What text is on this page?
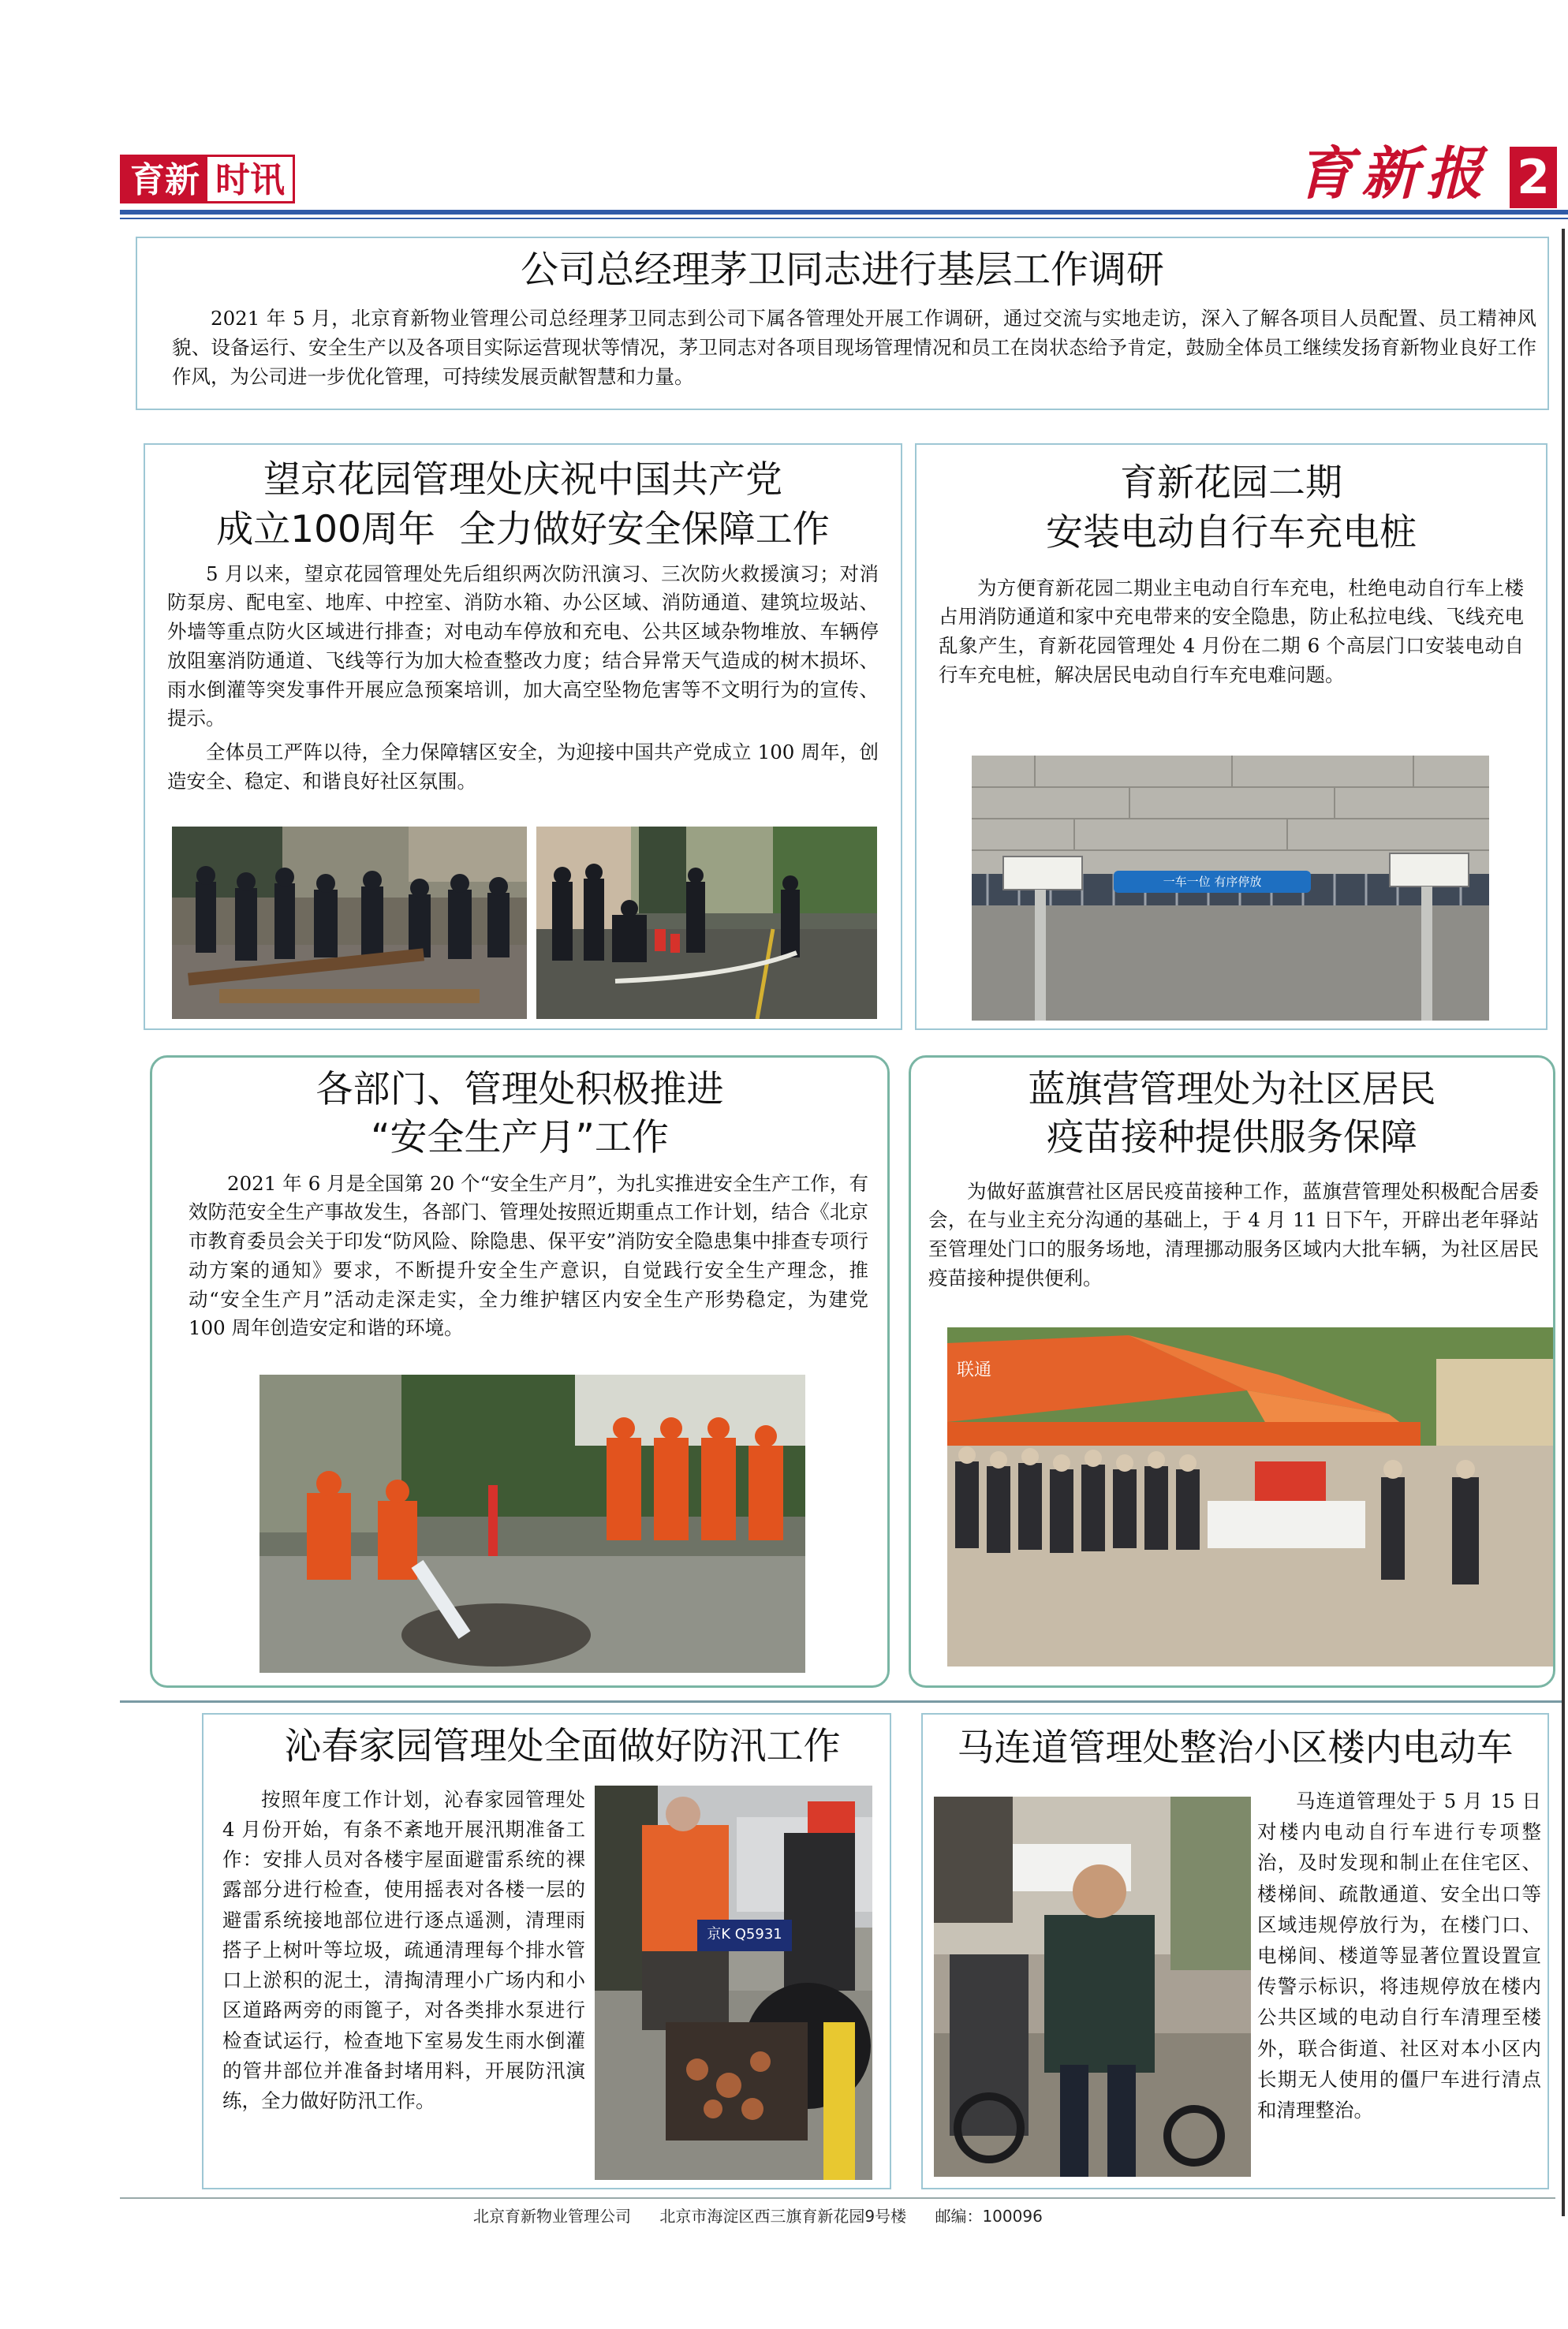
育新 时讯	育新报 2
公司总经理茅卫同志进行基层工作调研

2021 年 5 月，北京育新物业管理公司总经理茅卫同志到公司下属各管理处开展工作调研，通过交流与实地走访，深入了解各项目人员配置、员工精神风貌、设备运行、安全生产以及各项目实际运营现状等情况，茅卫同志对各项目现场管理情况和员工在岗状态给予肯定，鼓励全体员工继续发扬育新物业良好工作作风，为公司进一步优化管理，可持续发展贡献智慧和力量。

望京花园管理处庆祝中国共产党
成立100周年  全力做好安全保障工作

5 月以来，望京花园管理处先后组织两次防汛演习、三次防火救援演习；对消防泵房、配电室、地库、中控室、消防水箱、办公区域、消防通道、建筑垃圾站、外墙等重点防火区域进行排查；对电动车停放和充电、公共区域杂物堆放、车辆停放阻塞消防通道、飞线等行为加大检查整改力度；结合异常天气造成的树木损坏、雨水倒灌等突发事件开展应急预案培训，加大高空坠物危害等不文明行为的宣传、提示。

全体员工严阵以待，全力保障辖区安全，为迎接中国共产党成立 100 周年，创造安全、稳定、和谐良好社区氛围。

育新花园二期
安装电动自行车充电桩

为方便育新花园二期业主电动自行车充电，杜绝电动自行车上楼占用消防通道和家中充电带来的安全隐患，防止私拉电线、飞线充电乱象产生，育新花园管理处 4 月份在二期 6 个高层门口安装电动自行车充电桩，解决居民电动自行车充电难问题。

一车一位 有序停放
各部门、管理处积极推进
“安全生产月”工作

2021 年 6 月是全国第 20 个“安全生产月”，为扎实推进安全生产工作，有效防范安全生产事故发生，各部门、管理处按照近期重点工作计划，结合《北京市教育委员会关于印发“防风险、除隐患、保平安”消防安全隐患集中排查专项行动方案的通知》要求，不断提升安全生产意识，自觉践行安全生产理念，推动“安全生产月”活动走深走实，全力维护辖区内安全生产形势稳定，为建党 100 周年创造安定和谐的环境。

蓝旗营管理处为社区居民
疫苗接种提供服务保障

为做好蓝旗营社区居民疫苗接种工作，蓝旗营管理处积极配合居委会，在与业主充分沟通的基础上，于 4 月 11 日下午，开辟出老年驿站至管理处门口的服务场地，清理挪动服务区域内大批车辆，为社区居民疫苗接种提供便利。

联通
沁春家园管理处全面做好防汛工作

按照年度工作计划，沁春家园管理处 4 月份开始，有条不紊地开展汛期准备工作：安排人员对各楼宇屋面避雷系统的裸露部分进行检查，使用摇表对各楼一层的避雷系统接地部位进行逐点遥测，清理雨搭子上树叶等垃圾，疏通清理每个排水管口上淤积的泥土，清掏清理小广场内和小区道路两旁的雨篦子，对各类排水泵进行检查试运行，检查地下室易发生雨水倒灌的管井部位并准备封堵用料，开展防汛演练，全力做好防汛工作。

京K Q5931
马连道管理处整治小区楼内电动车

马连道管理处于 5 月 15 日对楼内电动自行车进行专项整治，及时发现和制止在住宅区、楼梯间、疏散通道、安全出口等区域违规停放行为，在楼门口、电梯间、楼道等显著位置设置宣传警示标识，将违规停放在楼内公共区域的电动自行车清理至楼外，联合街道、社区对本小区内长期无人使用的僵尸车进行清点和清理整治。

北京育新物业管理公司 北京市海淀区西三旗育新花园9号楼 邮编：100096
